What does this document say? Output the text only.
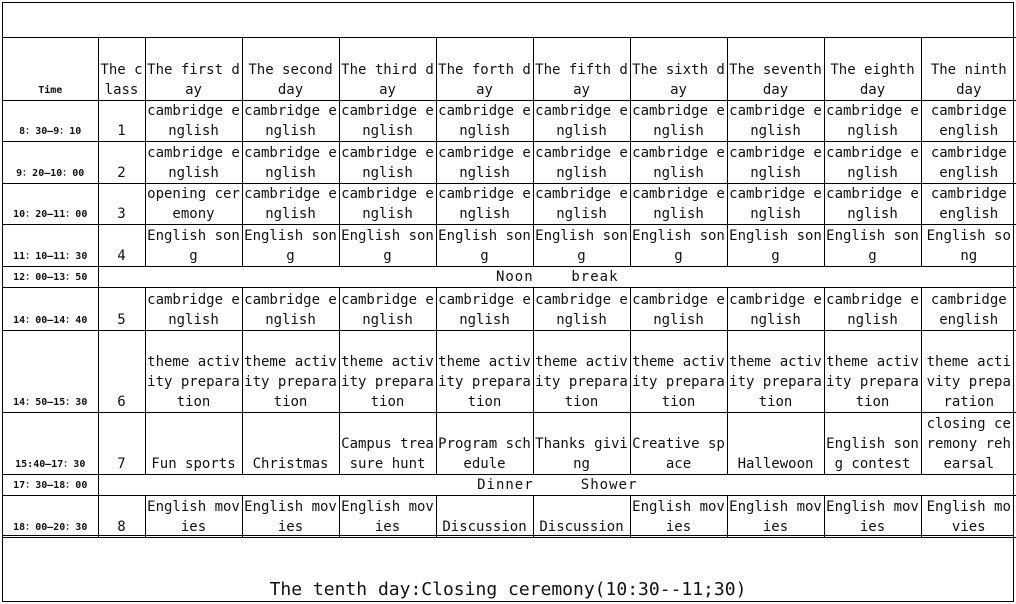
Time	The class	The first day	The second day	The third day	The forth day	The fifth day	The sixth day	The seventh day	The eighth day	The ninth day
8：30—9：10	1	cambridge english	cambridge english	cambridge english	cambridge english	cambridge english	cambridge english	cambridge english	cambridge english	cambridge english
9：20—10：00	2	cambridge english	cambridge english	cambridge english	cambridge english	cambridge english	cambridge english	cambridge english	cambridge english	cambridge english
10：20—11：00	3	opening ceremony	cambridge english	cambridge english	cambridge english	cambridge english	cambridge english	cambridge english	cambridge english	cambridge english
11：10—11：30	4	English song	English song	English song	English song	English song	English song	English song	English song	English song
12：00—13：50	Noon    break									
14：00—14：40	5	cambridge english	cambridge english	cambridge english	cambridge english	cambridge english	cambridge english	cambridge english	cambridge english	cambridge english
14：50—15：30	6	theme activity preparation	theme activity preparation	theme activity preparation	theme activity preparation	theme activity preparation	theme activity preparation	theme activity preparation	theme activity preparation	theme activity preparation
15:40—17：30	7	Fun sports	Christmas	Campus treasure hunt	Program schedule	Thanks giving	Creative space	Hallewoon	English song contest	closing ceremony rehearsal
17：30—18：00	Dinner     Shower									
18：00—20：30	8	English movies	English movies	English movies	Discussion	Discussion	English movies	English movies	English movies	English movies
The tenth day:Closing ceremony(10:30--11;30)
